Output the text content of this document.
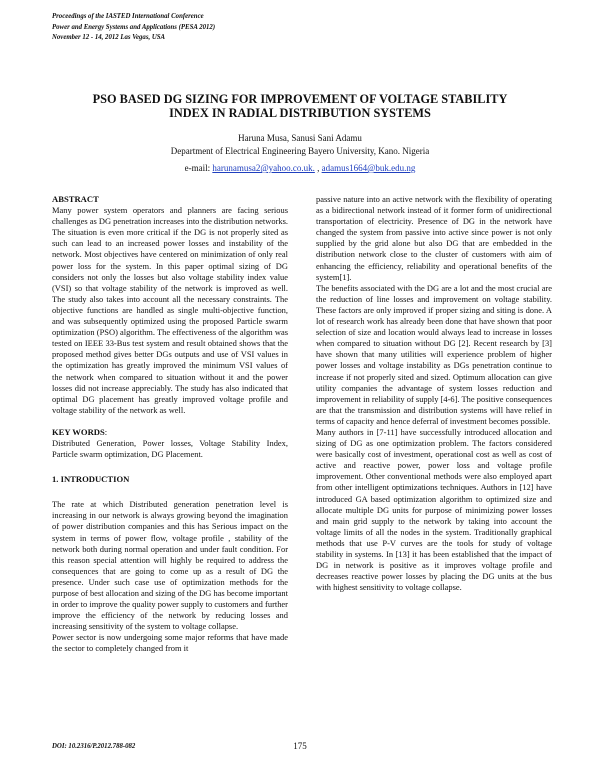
Proceedings of the IASTED International Conference
Power and Energy Systems and Applications (PESA 2012)
November 12 - 14, 2012 Las Vegas, USA
PSO BASED DG SIZING FOR IMPROVEMENT OF VOLTAGE STABILITY
INDEX IN RADIAL DISTRIBUTION SYSTEMS
Haruna Musa, Sanusi Sani Adamu
Department of Electrical Engineering Bayero University, Kano. Nigeria
e-mail: harunamusa2@yahoo.co.uk. , adamus1664@buk.edu.ng

ABSTRACT

Many power system operators and planners are facing serious challenges as DG penetration increases into the distribution networks. The situation is even more critical if the DG is not properly sited as such can lead to an increased power losses and instability of the network. Most objectives have centered on minimization of only real power loss for the system. In this paper optimal sizing of DG considers not only the losses but also voltage stability index value (VSI) so that voltage stability of the network is improved as well. The study also takes into account all the necessary constraints. The objective functions are handled as single multi-objective function, and was subsequently optimized using the proposed Particle swarm optimization (PSO) algorithm. The effectiveness of the algorithm was tested on IEEE 33-Bus test system and result obtained shows that the proposed method gives better DGs outputs and use of VSI values in the optimization has greatly improved the minimum VSI values of the network when compared to situation without it and the power losses did not increase appreciably. The study has also indicated that optimal DG placement has greatly improved voltage profile and voltage stability of the network as well.

KEY WORDS:

Distributed Generation, Power losses, Voltage Stability Index, Particle swarm optimization, DG Placement.

1. INTRODUCTION

The rate at which Distributed generation penetration level is increasing in our network is always growing beyond the imagination of power distribution companies and this has Serious impact on the system in terms of power flow, voltage profile , stability of the network both during normal operation and under fault condition. For this reason special attention will highly be required to address the consequences that are going to come up as a result of DG the presence. Under such case use of optimization methods for the purpose of best allocation and sizing of the DG has become important in order to improve the quality power supply to customers and further improve the efficiency of the network by reducing losses and increasing sensitivity of the system to voltage collapse.

Power sector is now undergoing some major reforms that have made the sector to completely changed from it

passive nature into an active network with the flexibility of operating as a bidirectional network instead of it former form of unidirectional transportation of electricity. Presence of DG in the network have changed the system from passive into active since power is not only supplied by the grid alone but also DG that are embedded in the distribution network close to the cluster of customers with aim of enhancing the efficiency, reliability and operational benefits of the system[1].

The benefits associated with the DG are a lot and the most crucial are the reduction of line losses and improvement on voltage stability. These factors are only improved if proper sizing and siting is done. A lot of research work has already been done that have shown that poor selection of size and location would always lead to increase in losses when compared to situation without DG [2]. Recent research by [3] have shown that many utilities will experience problem of higher power losses and voltage instability as DGs penetration continue to increase if not properly sited and sized. Optimum allocation can give utility companies the advantage of system losses reduction and improvement in reliability of supply [4-6]. The positive consequences are that the transmission and distribution systems will have relief in terms of capacity and hence deferral of investment becomes possible.

Many authors in [7-11] have successfully introduced allocation and sizing of DG as one optimization problem. The factors considered were basically cost of investment, operational cost as well as cost of active and reactive power, power loss and voltage profile improvement. Other conventional methods were also employed apart from other intelligent optimizations techniques. Authors in [12] have introduced GA based optimization algorithm to optimized size and allocate multiple DG units for purpose of minimizing power losses and main grid supply to the network by taking into account the voltage limits of all the nodes in the system. Traditionally graphical methods that use P-V curves are the tools for study of voltage stability in systems. In [13] it has been established that the impact of DG in network is positive as it improves voltage profile and decreases reactive power losses by placing the DG units at the bus with highest sensitivity to voltage collapse.

DOI: 10.2316/P.2012.788-082	175
